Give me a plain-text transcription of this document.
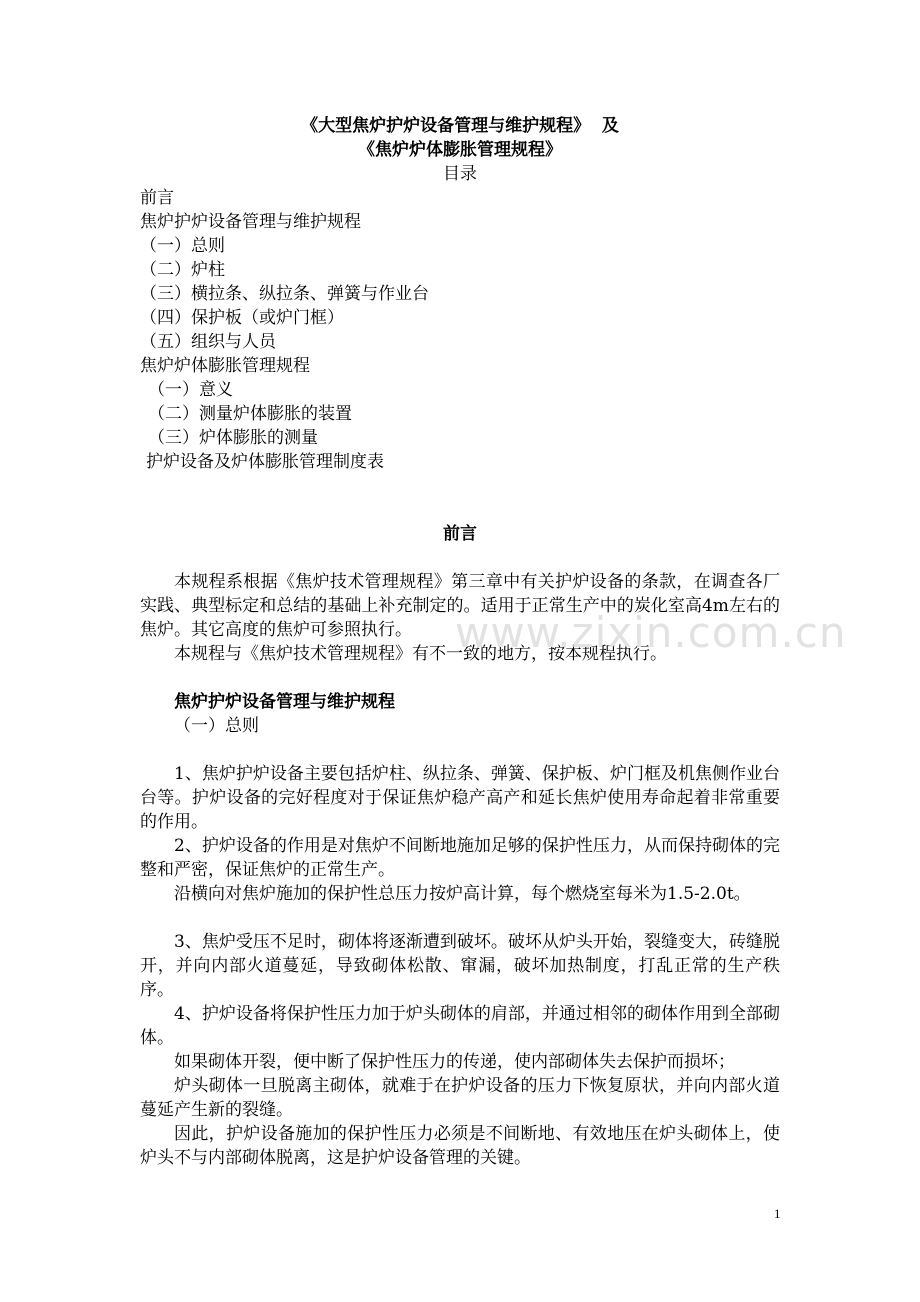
《大型焦炉护炉设备管理与维护规程》  及
《焦炉炉体膨胀管理规程》
目录
前言
焦炉护炉设备管理与维护规程
（一）总则
（二）炉柱
（三）横拉条、纵拉条、弹簧与作业台
（四）保护板（或炉门框）
（五）组织与人员
焦炉炉体膨胀管理规程
（一）意义
（二）测量炉体膨胀的装置
（三）炉体膨胀的测量
护炉设备及炉体膨胀管理制度表
前言
本规程系根据《焦炉技术管理规程》第三章中有关护炉设备的条款，在调查各厂实践、典型标定和总结的基础上补充制定的。适用于正常生产中的炭化室高4m左右的焦炉。其它高度的焦炉可参照执行。
本规程与《焦炉技术管理规程》有不一致的地方，按本规程执行。
焦炉护炉设备管理与维护规程
（一）总则
1、焦炉护炉设备主要包括炉柱、纵拉条、弹簧、保护板、炉门框及机焦侧作业台台等。护炉设备的完好程度对于保证焦炉稳产高产和延长焦炉使用寿命起着非常重要的作用。
2、护炉设备的作用是对焦炉不间断地施加足够的保护性压力，从而保持砌体的完整和严密，保证焦炉的正常生产。
沿横向对焦炉施加的保护性总压力按炉高计算，每个燃烧室每米为1.5-2.0t。
3、焦炉受压不足时，砌体将逐渐遭到破坏。破坏从炉头开始，裂缝变大，砖缝脱开，并向内部火道蔓延，导致砌体松散、窜漏，破坏加热制度，打乱正常的生产秩序。
4、护炉设备将保护性压力加于炉头砌体的肩部，并通过相邻的砌体作用到全部砌体。
如果砌体开裂，便中断了保护性压力的传递，使内部砌体失去保护而损坏；
炉头砌体一旦脱离主砌体，就难于在护炉设备的压力下恢复原状，并向内部火道蔓延产生新的裂缝。
因此，护炉设备施加的保护性压力必须是不间断地、有效地压在炉头砌体上，使炉头不与内部砌体脱离，这是护炉设备管理的关键。
www.zixin.com.cn
1
